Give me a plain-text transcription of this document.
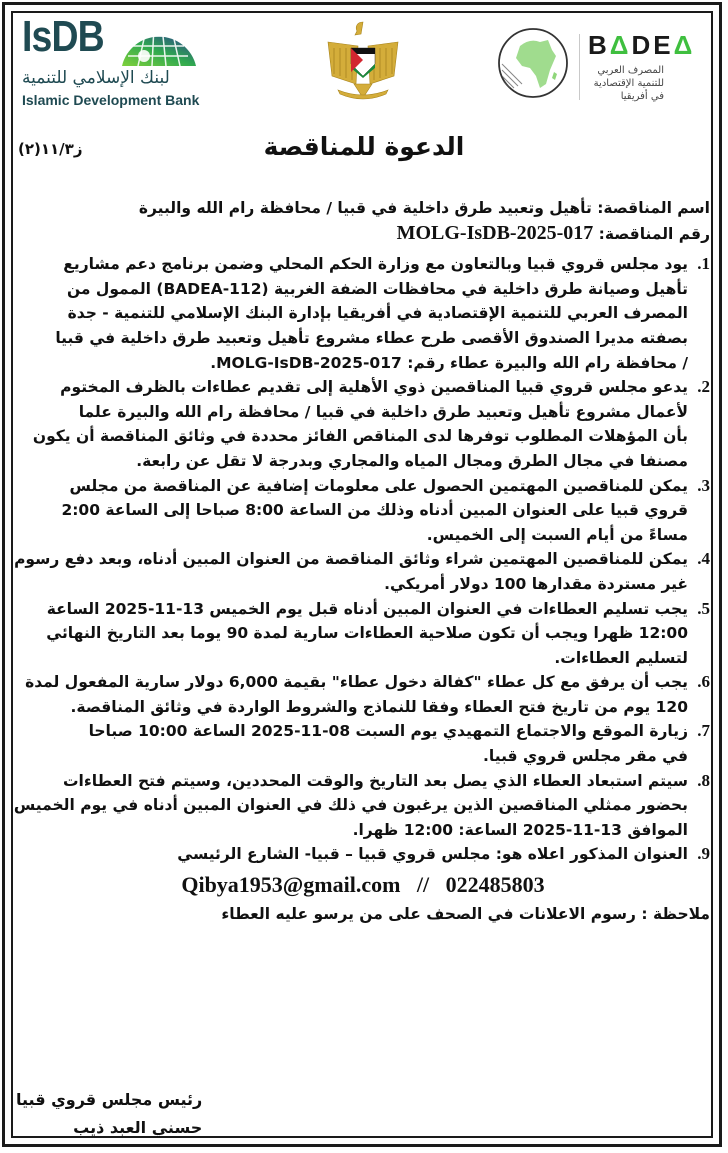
IsDB
لبنك الإسلامي للتنمية
Islamic Development Bank
BΔDEΔ
المصرف العربي
للتنمية الإقتصادية
في أفريقيا
الدعوة للمناقصة
ز١١/٣(٢)
اسم المناقصة: تأهيل وتعبيد طرق داخلية في قبيا / محافظة رام الله والبيرة
رقم المناقصة: MOLG-IsDB-2025-017
1.
يود مجلس قروي قبيا وبالتعاون مع وزارة الحكم المحلي وضمن برنامج دعم مشاريع
تأهيل وصيانة طرق داخلية في محافظات الضفة الغربية (BADEA-112) الممول من
المصرف العربي للتنمية الإقتصادية في أفريقيا بإدارة البنك الإسلامي للتنمية - جدة
بصفته مديرا الصندوق الأقصى طرح عطاء مشروع تأهيل وتعبيد طرق داخلية في قبيا
/ محافظة رام الله والبيرة عطاء رقم: MOLG-IsDB-2025-017.
2.
يدعو مجلس قروي قبيا المناقصين ذوي الأهلية إلى تقديم عطاءات بالظرف المختوم
لأعمال مشروع تأهيل وتعبيد طرق داخلية في قبيا / محافظة رام الله والبيرة علما
بأن المؤهلات المطلوب توفرها لدى المناقص الفائز محددة في وثائق المناقصة أن يكون
مصنفا في مجال الطرق ومجال المياه والمجاري وبدرجة لا تقل عن رابعة.
3.
يمكن للمناقصين المهتمين الحصول على معلومات إضافية عن المناقصة من مجلس
قروي قبيا على العنوان المبين أدناه وذلك من الساعة 8:00 صباحا إلى الساعة 2:00
مساءً من أيام السبت إلى الخميس.
4.
يمكن للمناقصين المهتمين شراء وثائق المناقصة من العنوان المبين أدناه، وبعد دفع رسوم
غير مستردة مقدارها 100 دولار أمريكي.
5.
يجب تسليم العطاءات في العنوان المبين أدناه قبل يوم الخميس 13-11-2025 الساعة
12:00 ظهرا ويجب أن تكون صلاحية العطاءات سارية لمدة 90 يوما بعد التاريخ النهائي
لتسليم العطاءات.
6.
يجب أن يرفق مع كل عطاء "كفالة دخول عطاء" بقيمة 6,000 دولار سارية المفعول لمدة
120 يوم من تاريخ فتح العطاء وفقا للنماذج والشروط الواردة في وثائق المناقصة.
7.
زيارة الموقع والاجتماع التمهيدي يوم السبت 08-11-2025 الساعة 10:00 صباحا
في مقر مجلس قروي قبيا.
8.
سيتم استبعاد العطاء الذي يصل بعد التاريخ والوقت المحددين، وسيتم فتح العطاءات
بحضور ممثلي المناقصين الذين يرغبون في ذلك في العنوان المبين أدناه في يوم الخميس
الموافق 13-11-2025 الساعة: 12:00 ظهرا.
9.
العنوان المذكور اعلاه هو: مجلس قروي قبيا – قبيا- الشارع الرئيسي
Qibya1953@gmail.com // 022485803
ملاحظة : رسوم الاعلانات في الصحف على من يرسو عليه العطاء
رئيس مجلس قروي قبيا
حسني العبد ذيب
